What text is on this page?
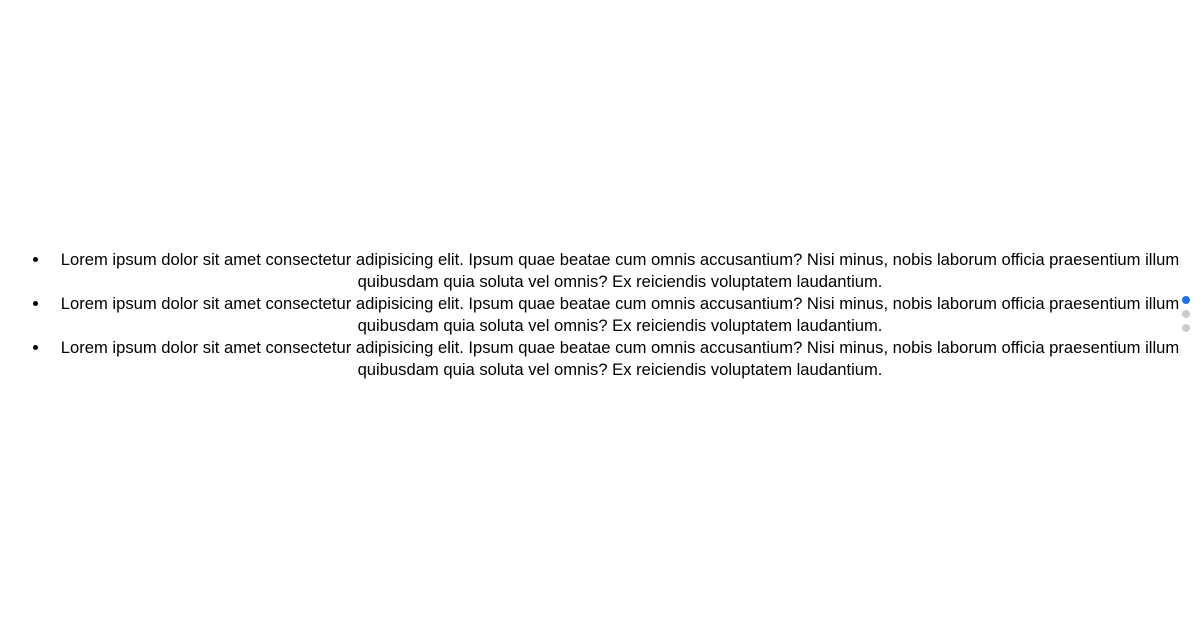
• Lorem ipsum dolor sit amet consectetur adipisicing elit. Ipsum quae beatae cum omnis accusantium? Nisi minus, nobis laborum officia praesentium illum quibusdam quia soluta vel omnis? Ex reiciendis voluptatem laudantium.
• Lorem ipsum dolor sit amet consectetur adipisicing elit. Ipsum quae beatae cum omnis accusantium? Nisi minus, nobis laborum officia praesentium illum quibusdam quia soluta vel omnis? Ex reiciendis voluptatem laudantium.
• Lorem ipsum dolor sit amet consectetur adipisicing elit. Ipsum quae beatae cum omnis accusantium? Nisi minus, nobis laborum officia praesentium illum quibusdam quia soluta vel omnis? Ex reiciendis voluptatem laudantium.
